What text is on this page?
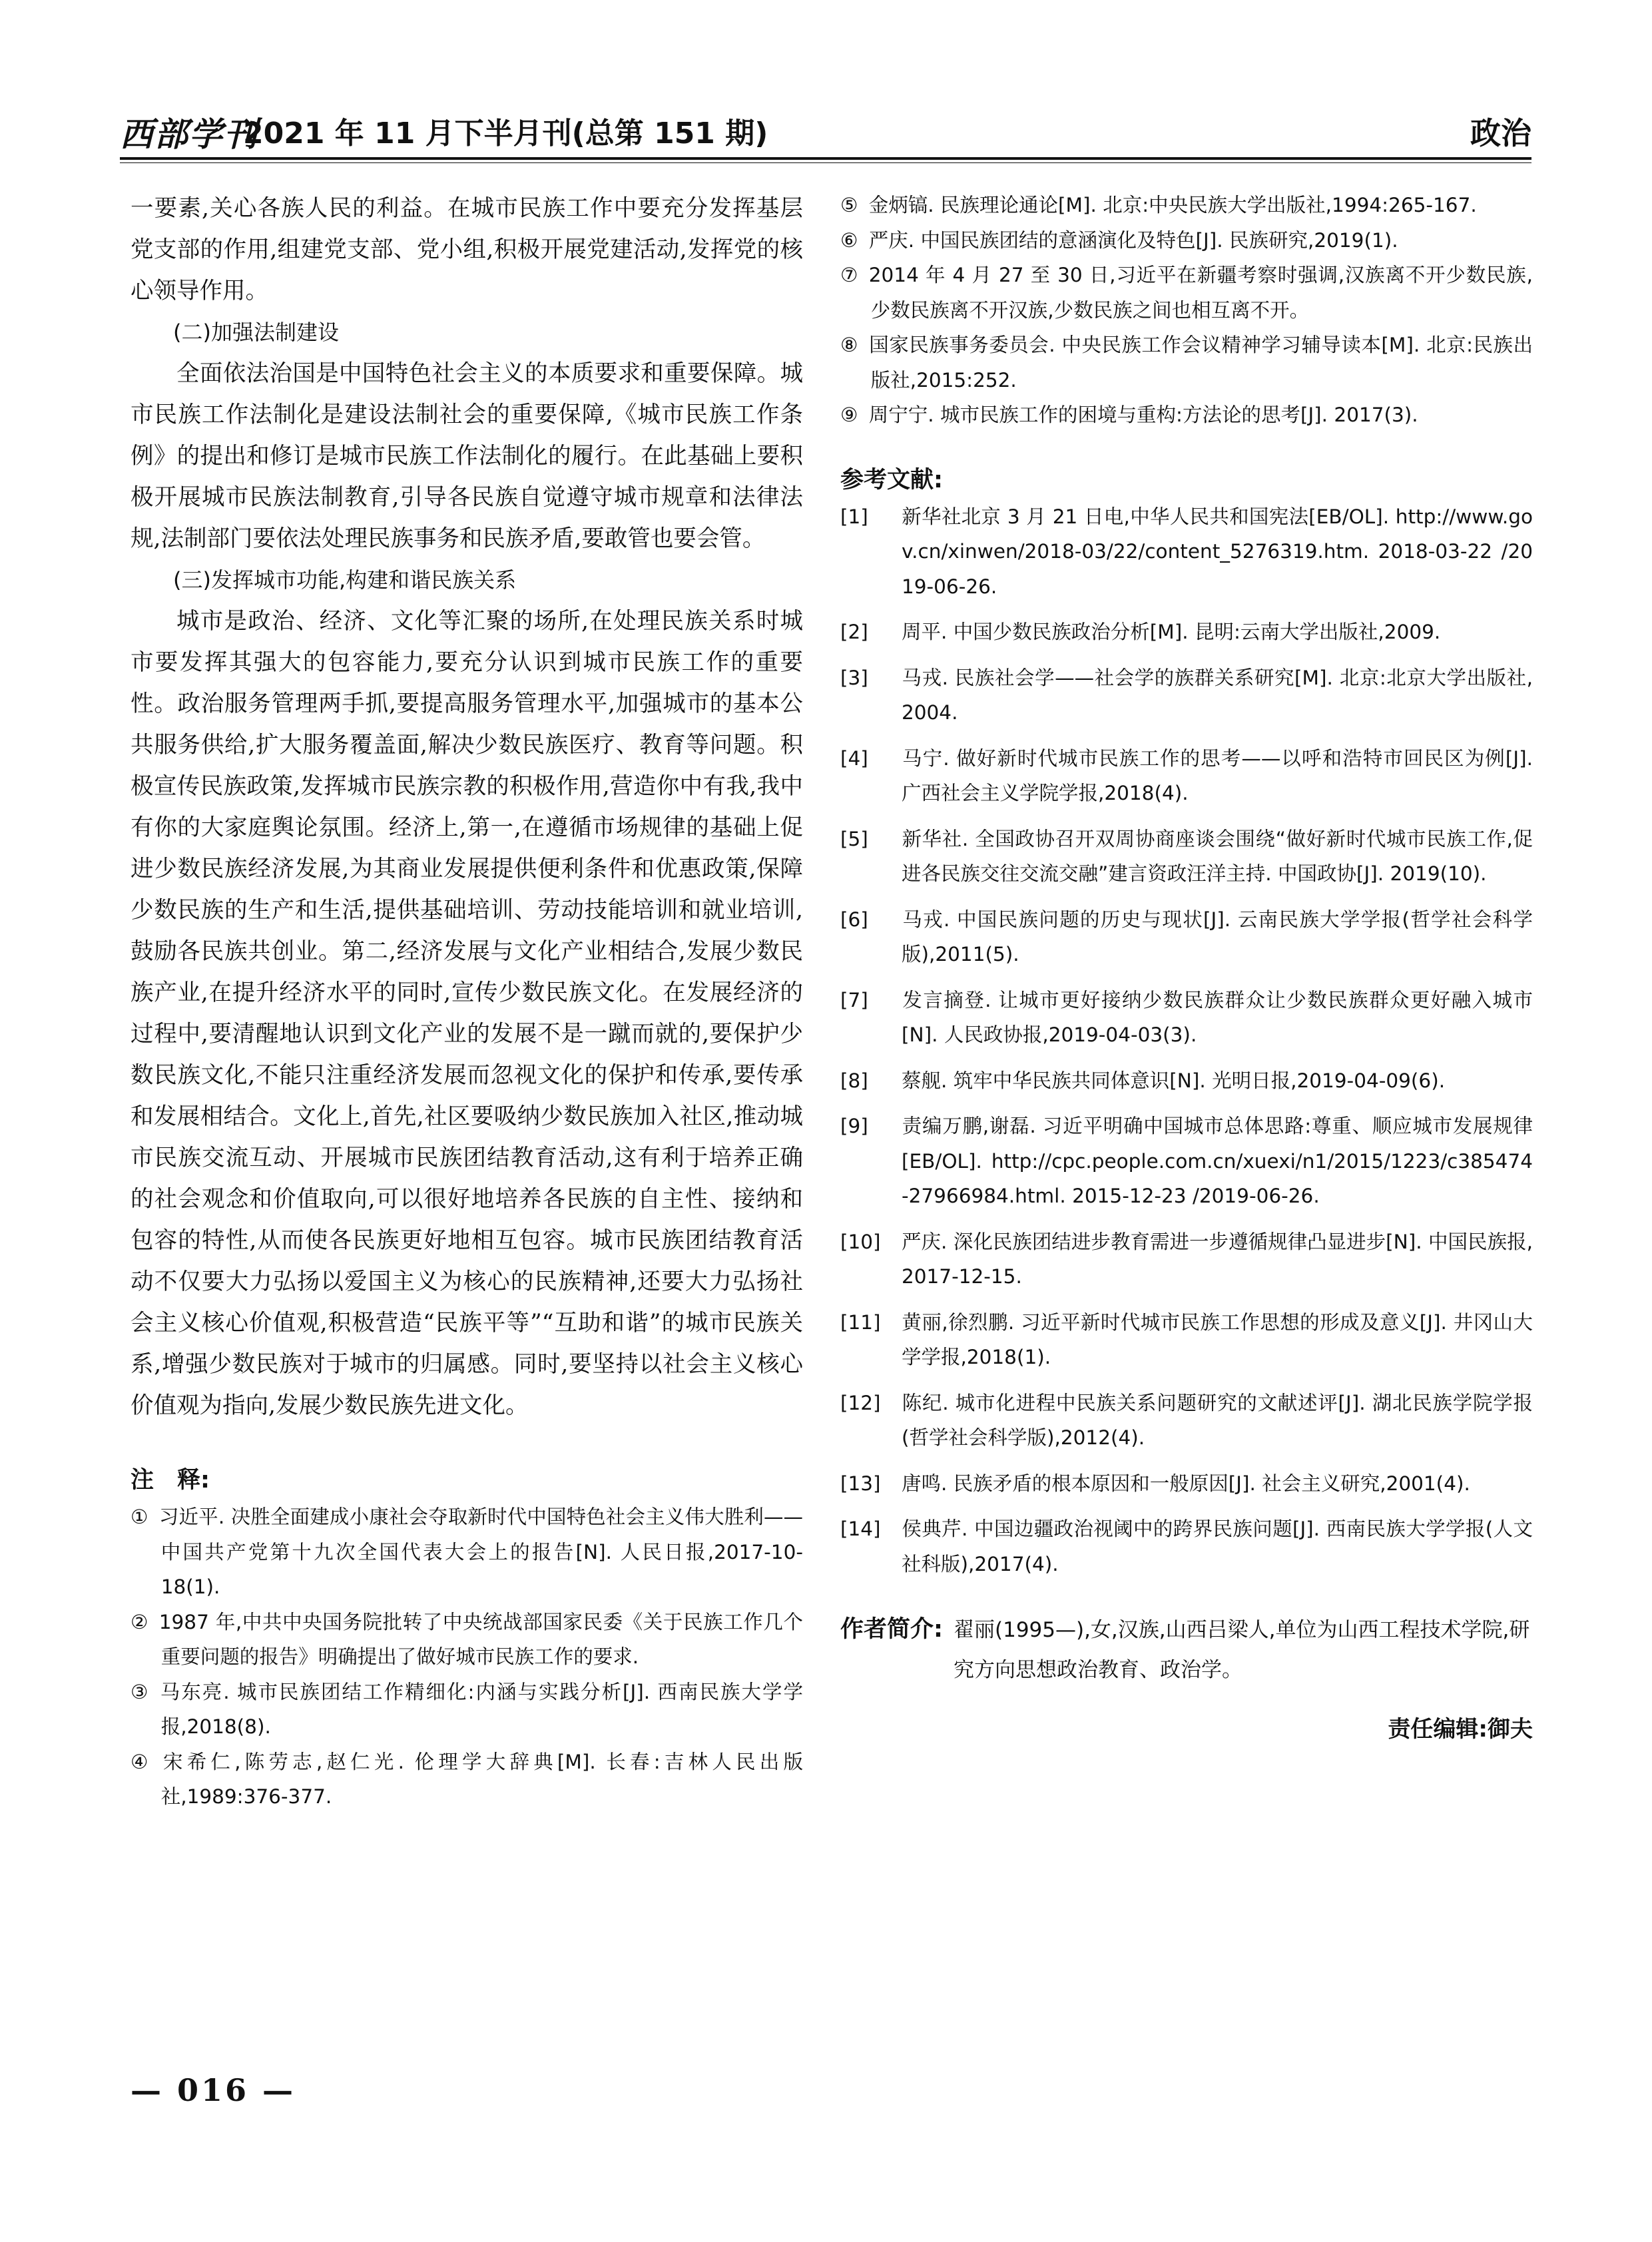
西部学刊
2021 年 11 月下半月刊(总第 151 期)	政治

一要素,关心各族人民的利益。在城市民族工作中要充分发挥基层党支部的作用,组建党支部、党小组,积极开展党建活动,发挥党的核心领导作用。

(二)加强法制建设

全面依法治国是中国特色社会主义的本质要求和重要保障。城市民族工作法制化是建设法制社会的重要保障,《城市民族工作条例》的提出和修订是城市民族工作法制化的履行。在此基础上要积极开展城市民族法制教育,引导各民族自觉遵守城市规章和法律法规,法制部门要依法处理民族事务和民族矛盾,要敢管也要会管。

(三)发挥城市功能,构建和谐民族关系

城市是政治、经济、文化等汇聚的场所,在处理民族关系时城市要发挥其强大的包容能力,要充分认识到城市民族工作的重要性。政治服务管理两手抓,要提高服务管理水平,加强城市的基本公共服务供给,扩大服务覆盖面,解决少数民族医疗、教育等问题。积极宣传民族政策,发挥城市民族宗教的积极作用,营造你中有我,我中有你的大家庭舆论氛围。经济上,第一,在遵循市场规律的基础上促进少数民族经济发展,为其商业发展提供便利条件和优惠政策,保障少数民族的生产和生活,提供基础培训、劳动技能培训和就业培训,鼓励各民族共创业。第二,经济发展与文化产业相结合,发展少数民族产业,在提升经济水平的同时,宣传少数民族文化。在发展经济的过程中,要清醒地认识到文化产业的发展不是一蹴而就的,要保护少数民族文化,不能只注重经济发展而忽视文化的保护和传承,要传承和发展相结合。文化上,首先,社区要吸纳少数民族加入社区,推动城市民族交流互动、开展城市民族团结教育活动,这有利于培养正确的社会观念和价值取向,可以很好地培养各民族的自主性、接纳和包容的特性,从而使各民族更好地相互包容。城市民族团结教育活动不仅要大力弘扬以爱国主义为核心的民族精神,还要大力弘扬社会主义核心价值观,积极营造“民族平等”“互助和谐”的城市民族关系,增强少数民族对于城市的归属感。同时,要坚持以社会主义核心价值观为指向,发展少数民族先进文化。

注　释:

① 习近平. 决胜全面建成小康社会夺取新时代中国特色社会主义伟大胜利——中国共产党第十九次全国代表大会上的报告[N]. 人民日报,2017-10-18(1).

② 1987 年,中共中央国务院批转了中央统战部国家民委《关于民族工作几个重要问题的报告》明确提出了做好城市民族工作的要求.

③ 马东亮. 城市民族团结工作精细化:内涵与实践分析[J]. 西南民族大学学报,2018(8).

④ 宋希仁,陈劳志,赵仁光. 伦理学大辞典[M]. 长春:吉林人民出版社,1989:376-377.

⑤ 金炳镐. 民族理论通论[M]. 北京:中央民族大学出版社,1994:265-167.

⑥ 严庆. 中国民族团结的意涵演化及特色[J]. 民族研究,2019(1).

⑦ 2014 年 4 月 27 至 30 日,习近平在新疆考察时强调,汉族离不开少数民族,少数民族离不开汉族,少数民族之间也相互离不开。

⑧ 国家民族事务委员会. 中央民族工作会议精神学习辅导读本[M]. 北京:民族出版社,2015:252.

⑨ 周宁宁. 城市民族工作的困境与重构:方法论的思考[J]. 2017(3).

参考文献:

[1] 新华社北京 3 月 21 日电,中华人民共和国宪法[EB/OL]. http://www.gov.cn/xinwen/2018-03/22/content_5276319.htm. 2018-03-22 /2019-06-26.

[2] 周平. 中国少数民族政治分析[M]. 昆明:云南大学出版社,2009.

[3] 马戎. 民族社会学——社会学的族群关系研究[M]. 北京:北京大学出版社,2004.

[4] 马宁. 做好新时代城市民族工作的思考——以呼和浩特市回民区为例[J]. 广西社会主义学院学报,2018(4).

[5] 新华社. 全国政协召开双周协商座谈会围绕“做好新时代城市民族工作,促进各民族交往交流交融”建言资政汪洋主持. 中国政协[J]. 2019(10).

[6] 马戎. 中国民族问题的历史与现状[J]. 云南民族大学学报(哲学社会科学版),2011(5).

[7] 发言摘登. 让城市更好接纳少数民族群众让少数民族群众更好融入城市[N]. 人民政协报,2019-04-03(3).

[8] 蔡舰. 筑牢中华民族共同体意识[N]. 光明日报,2019-04-09(6).

[9] 责编万鹏,谢磊. 习近平明确中国城市总体思路:尊重、顺应城市发展规律[EB/OL]. http://cpc.people.com.cn/xuexi/n1/2015/1223/c385474-27966984.html. 2015-12-23 /2019-06-26.

[10] 严庆. 深化民族团结进步教育需进一步遵循规律凸显进步[N]. 中国民族报,2017-12-15.

[11] 黄丽,徐烈鹏. 习近平新时代城市民族工作思想的形成及意义[J]. 井冈山大学学报,2018(1).

[12] 陈纪. 城市化进程中民族关系问题研究的文献述评[J]. 湖北民族学院学报(哲学社会科学版),2012(4).

[13] 唐鸣. 民族矛盾的根本原因和一般原因[J]. 社会主义研究,2001(4).

[14] 侯典芹. 中国边疆政治视阈中的跨界民族问题[J]. 西南民族大学学报(人文社科版),2017(4).

作者简介: 翟丽(1995—),女,汉族,山西吕梁人,单位为山西工程技术学院,研究方向思想政治教育、政治学。

责任编辑:御夫

— 016 —
